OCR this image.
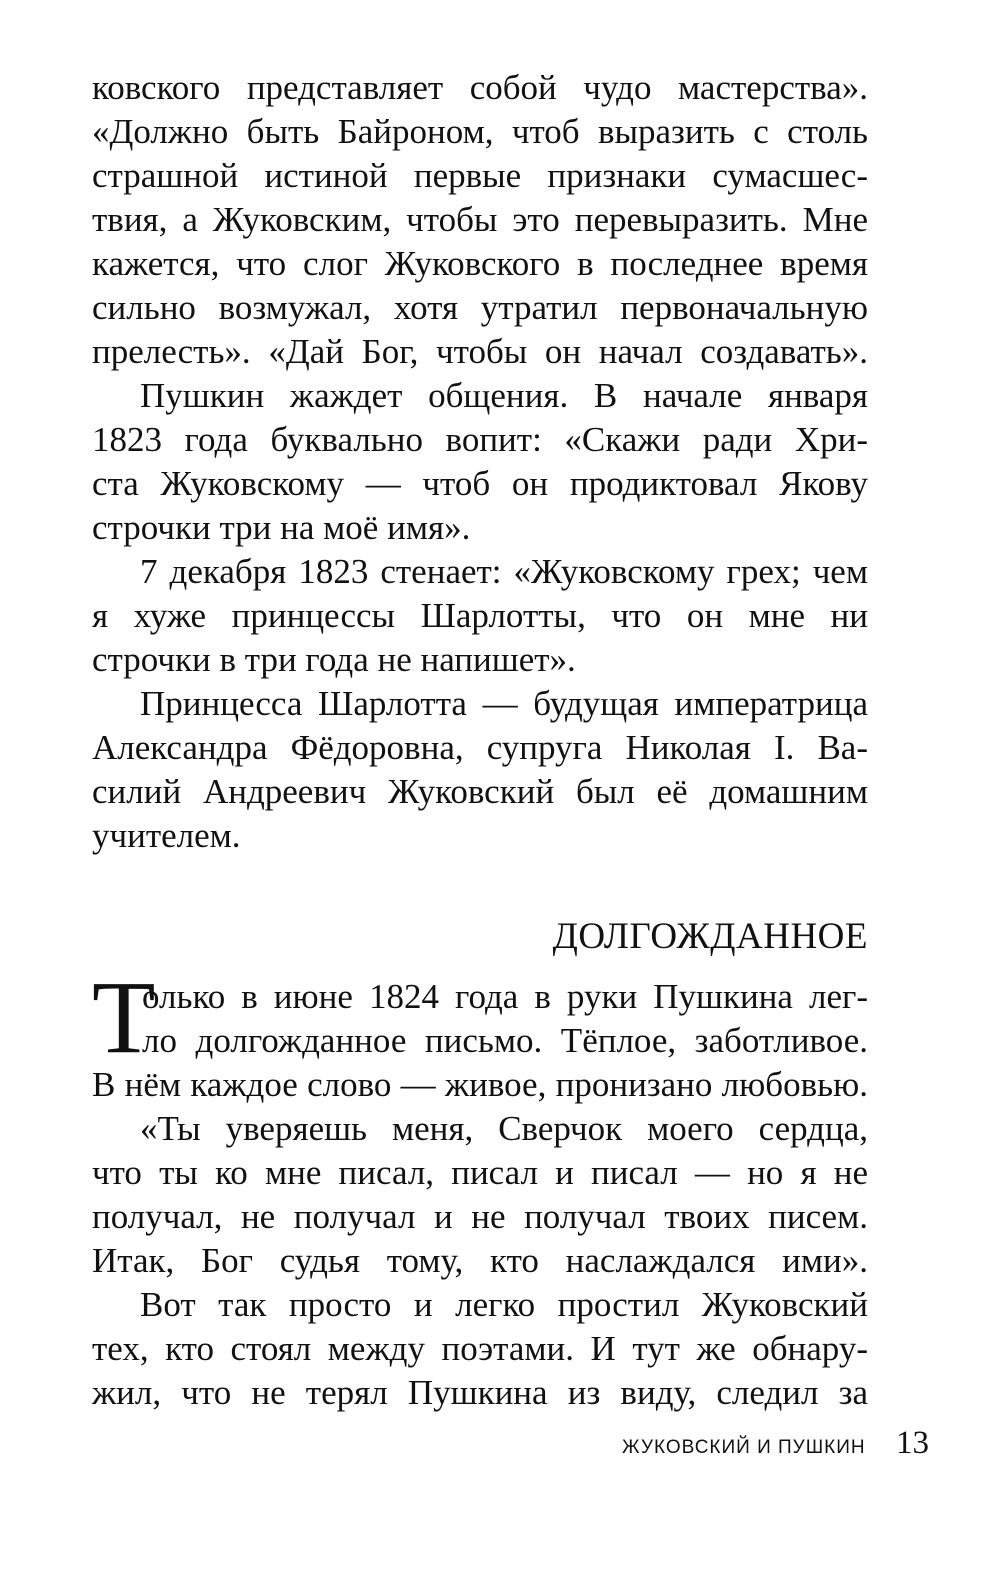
ковского представляет собой чудо мастерства».
«Должно быть Байроном, чтоб выразить с столь
страшной истиной первые признаки сумасшес-
твия, а Жуковским, чтобы это перевыразить. Мне
кажется, что слог Жуковского в последнее время
сильно возмужал, хотя утратил первоначальную
прелесть». «Дай Бог, чтобы он начал создавать».
Пушкин жаждет общения. В начале января
1823 года буквально вопит: «Скажи ради Хри-
ста Жуковскому — чтоб он продиктовал Якову
строчки три на моё имя».
7 декабря 1823 стенает: «Жуковскому грех; чем
я хуже принцессы Шарлотты, что он мне ни
строчки в три года не напишет».
Принцесса Шарлотта — будущая императрица
Александра Фёдоровна, супруга Николая I. Ва-
силий Андреевич Жуковский был её домашним
учителем.
ДОЛГОЖДАННОЕ
Т
олько в июне 1824 года в руки Пушкина лег-
ло долгожданное письмо. Тёплое, заботливое.
В нём каждое слово — живое, пронизано любовью.
«Ты уверяешь меня, Сверчок моего сердца,
что ты ко мне писал, писал и писал — но я не
получал, не получал и не получал твоих писем.
Итак, Бог судья тому, кто наслаждался ими».
Вот так просто и легко простил Жуковский
тех, кто стоял между поэтами. И тут же обнару-
жил, что не терял Пушкина из виду, следил за
ЖУКОВСКИЙ И ПУШКИН 13
